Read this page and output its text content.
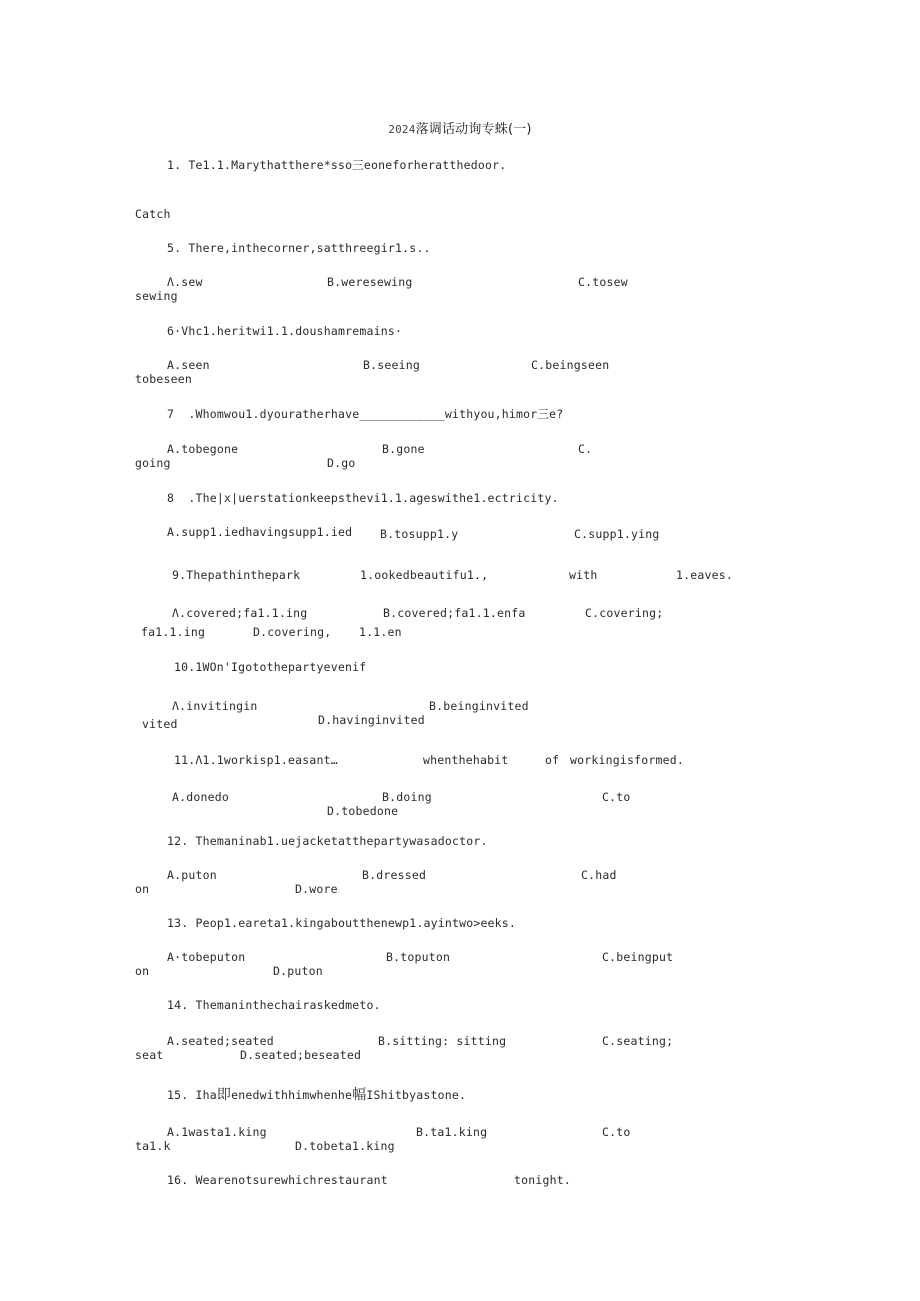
2024落调话动询专蛛(一)
1. Te1.1.Marythatthere*sso三eoneforheratthedoor.
Catch
5. There,inthecorner,satthreegir1.s..
Λ.sew	B.weresewing	C.tosew
sewing
6·Vhc1.heritwi1.1.doushamremains·
A.seen	B.seeing	C.beingseen
tobeseen
7  .Whomwou1.dyouratherhave____________withyou,himor三e?
A.tobegone	B.gone	C.
going	D.go
8  .The|x|uerstationkeepsthevi1.1.ageswithe1.ectricity.
A.supp1.iedhavingsupp1.ied B.tosupp1.y	C.supp1.ying
9.Thepathinthepark	1.ookedbeautifu1.,	with	1.eaves.
Λ.covered;fa1.1.ing	B.covered;fa1.1.enfa	C.covering;
fa1.1.ing	D.covering, 1.1.en
10.1WOn'Igotothepartyevenif
Λ.invitingin	B.beinginvited
vited	D.havinginvited
11.Λ1.1workisp1.easant…	whenthehabit	of workingisformed.
A.donedo	B.doing	C.to
D.tobedone
12. Themaninab1.uejacketatthepartywasadoctor.
A.puton	B.dressed	C.had
on	D.wore
13. Peop1.eareta1.kingaboutthenewp1.ayintwo>eeks.
A·tobeputon	B.toputon	C.beingput
on	D.puton
14. Themaninthechairaskedmeto.
A.seated;seated	B.sitting: sitting	C.seating;
seat	D.seated;beseated
15. Iha即enedwithhimwhenhe幅IShitbyastone.
A.1wasta1.king	B.ta1.king	C.to
ta1.k	D.tobeta1.king
16. Wearenotsurewhichrestaurant	tonight.
